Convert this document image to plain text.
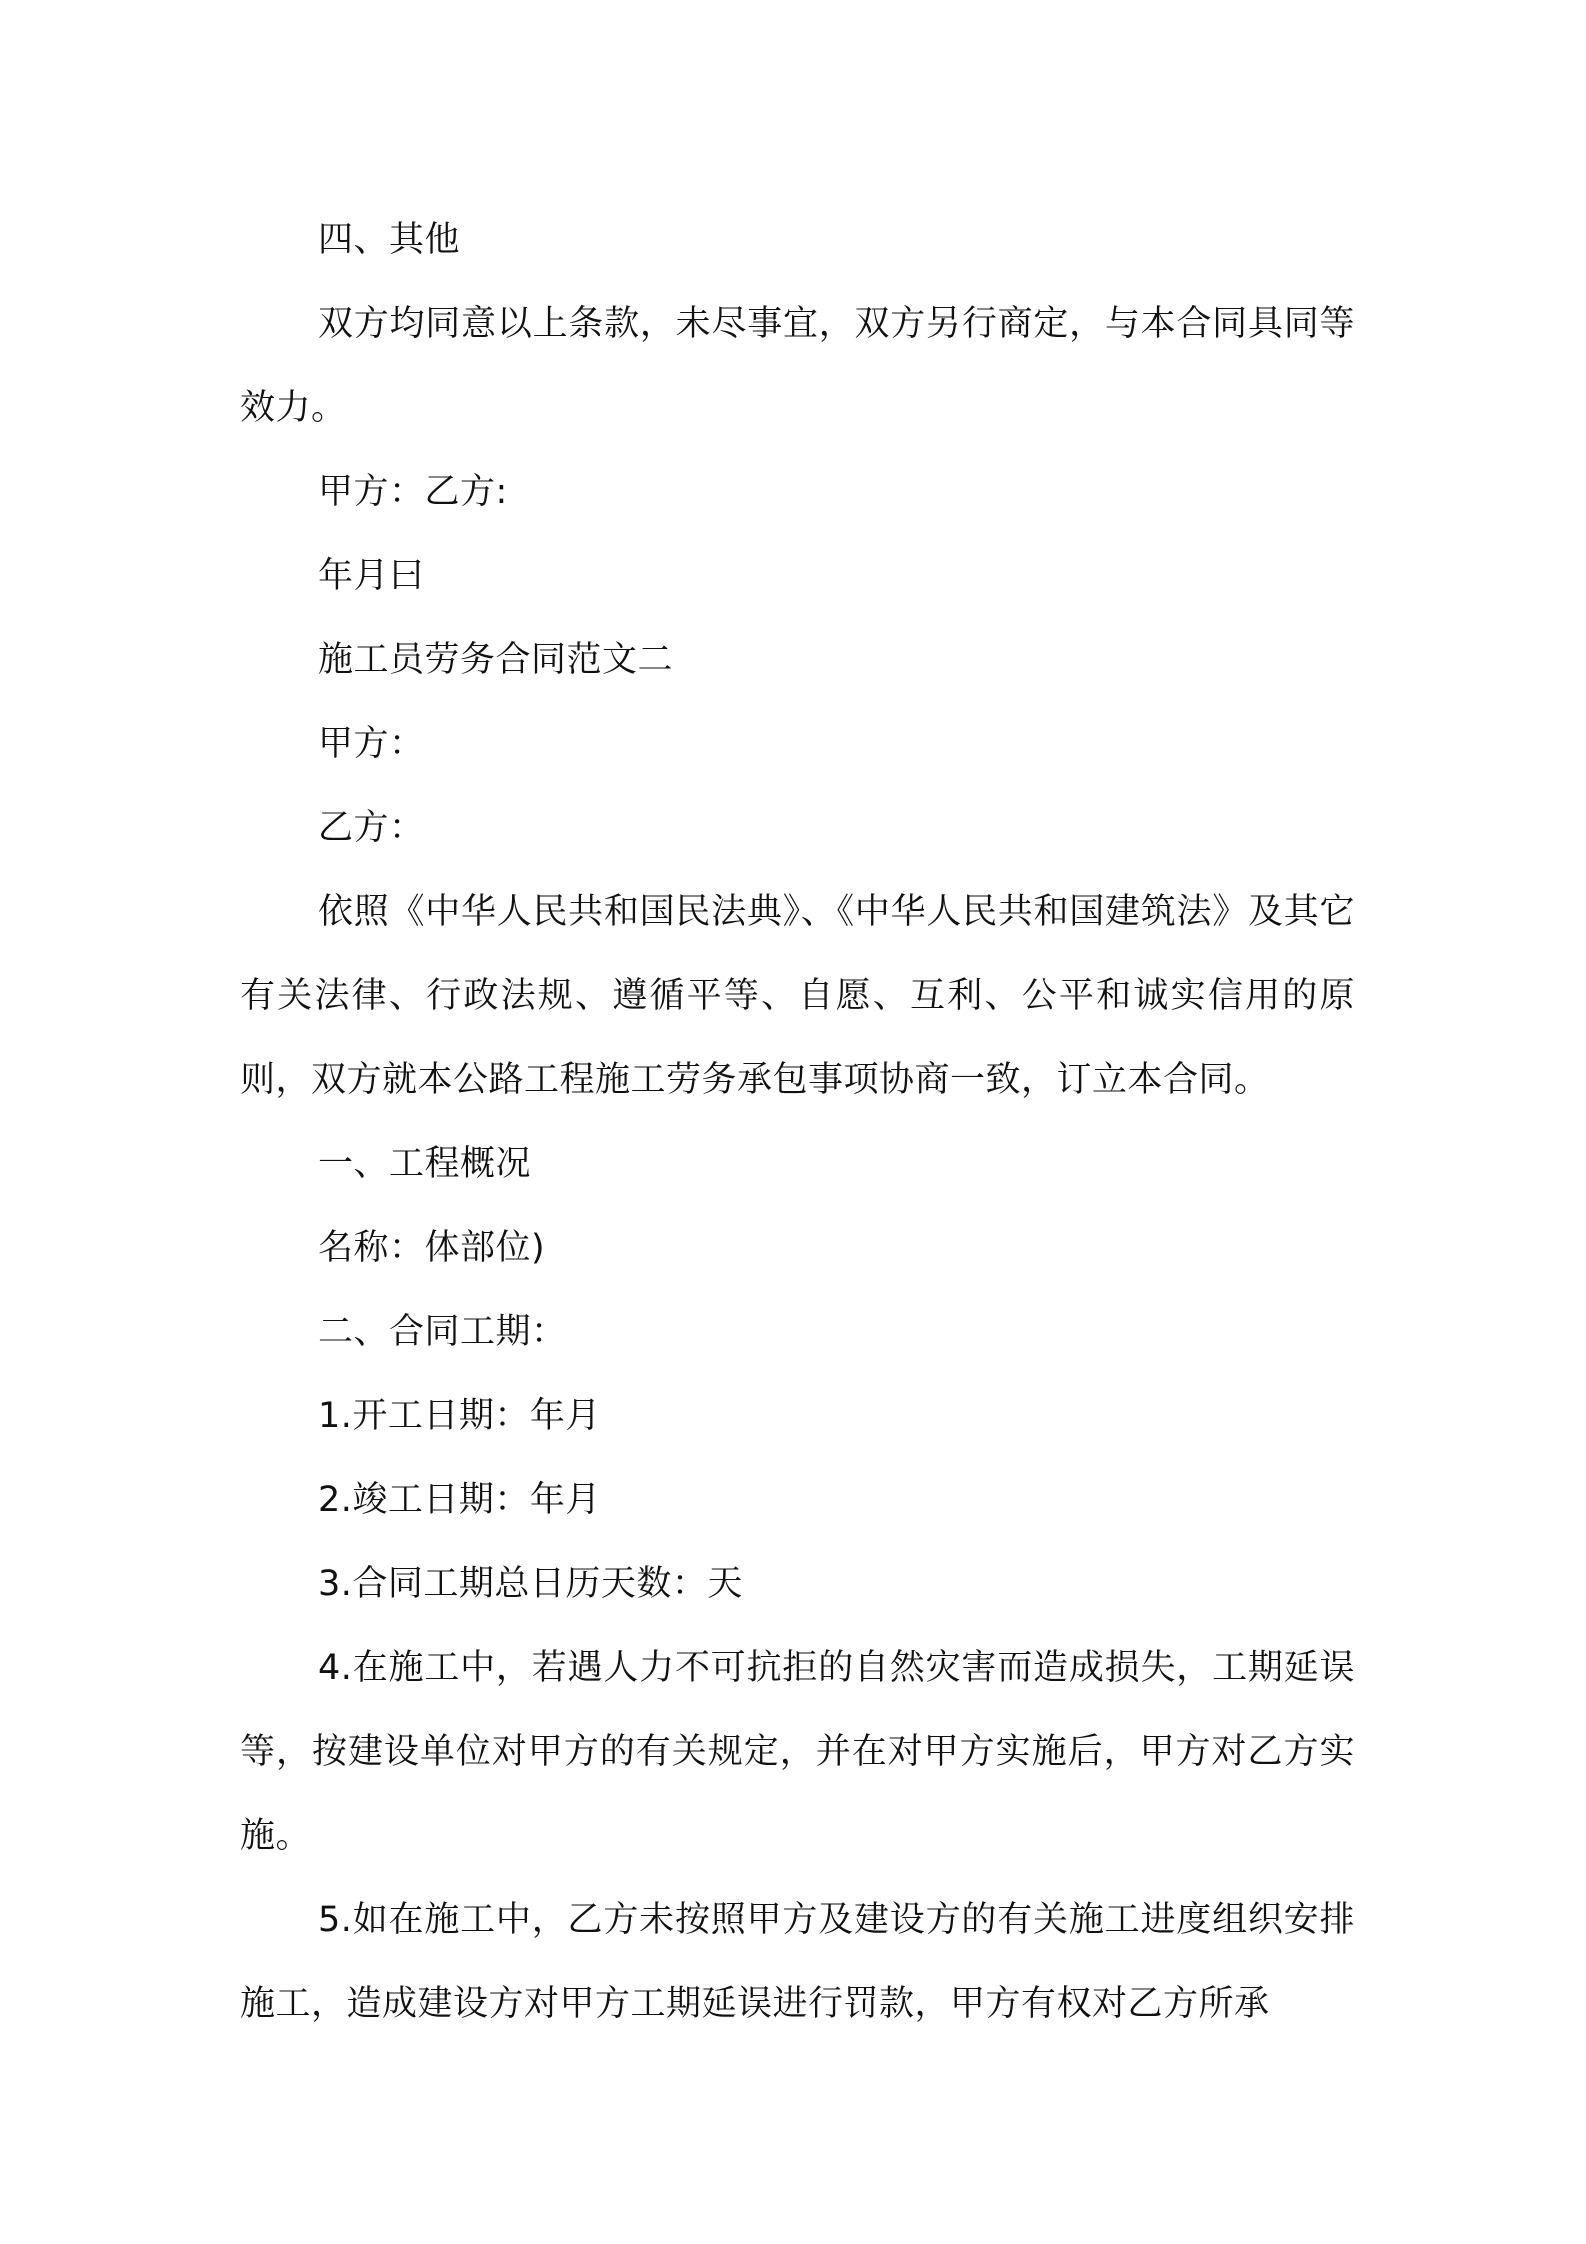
四、其他

双方均同意以上条款，未尽事宜，双方另行商定，与本合同具同等效力。

甲方：乙方:

年月曰

施工员劳务合同范文二

甲方：

乙方：

依照《中华人民共和国民法典》、《中华人民共和国建筑法》及其它有关法律、行政法规、遵循平等、自愿、互利、公平和诚实信用的原则，双方就本公路工程施工劳务承包事项协商一致，订立本合同。

一、工程概况

名称：体部位)

二、合同工期：

1.开工日期：年月

2.竣工日期：年月

3.合同工期总日历天数：天

4.在施工中，若遇人力不可抗拒的自然灾害而造成损失，工期延误等，按建设单位对甲方的有关规定，并在对甲方实施后，甲方对乙方实施。

5.如在施工中，乙方未按照甲方及建设方的有关施工进度组织安排施工，造成建设方对甲方工期延误进行罚款，甲方有权对乙方所承
